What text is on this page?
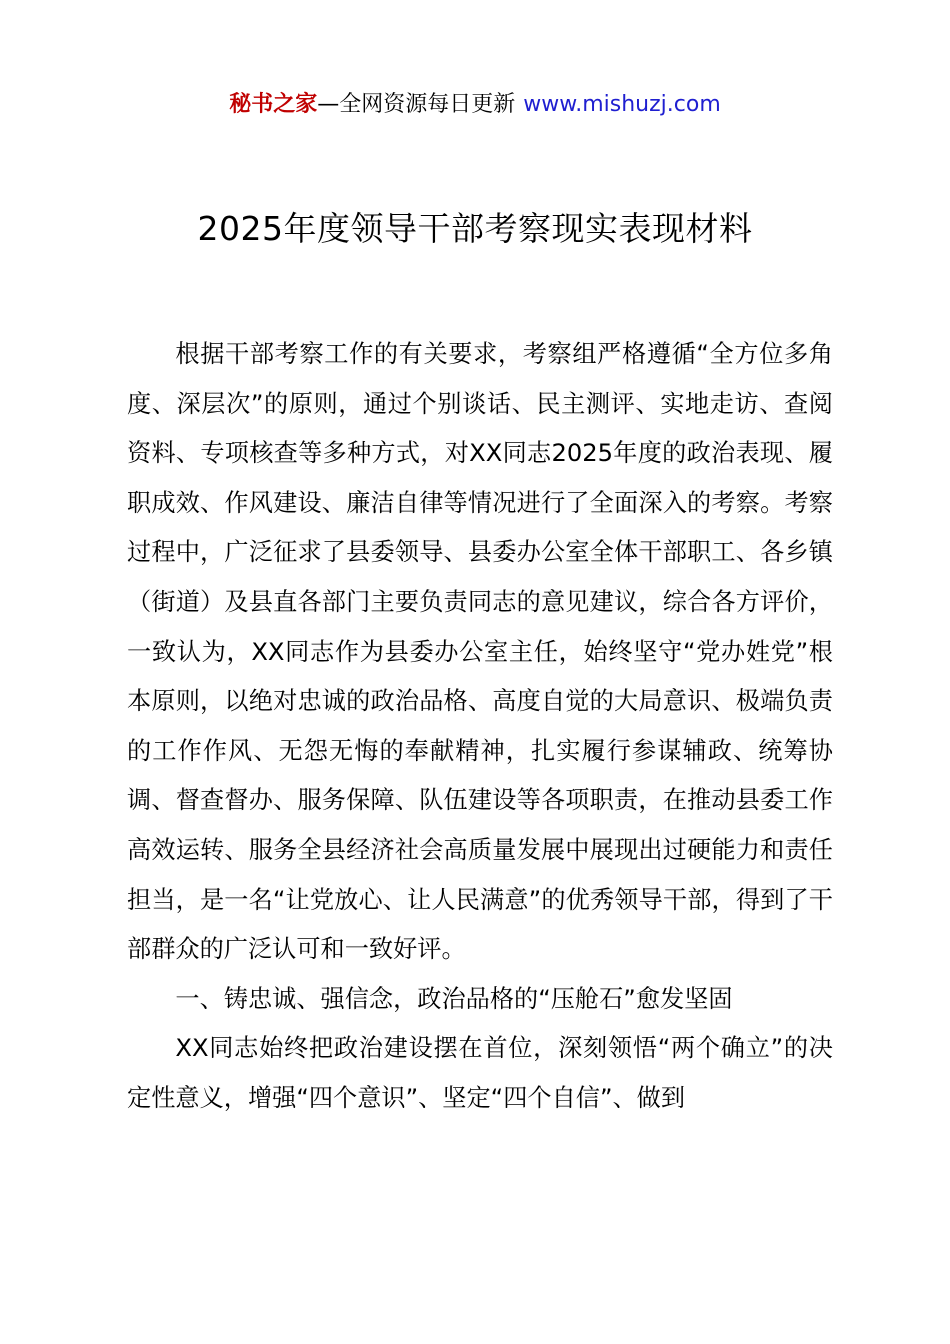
秘书之家—全网资源每日更新 www.mishuzj.com
2025年度领导干部考察现实表现材料

根据干部考察工作的有关要求，考察组严格遵循“全方位多角度、深层次”的原则，通过个别谈话、民主测评、实地走访、查阅资料、专项核查等多种方式，对XX同志2025年度的政治表现、履职成效、作风建设、廉洁自律等情况进行了全面深入的考察。考察过程中，广泛征求了县委领导、县委办公室全体干部职工、各乡镇（街道）及县直各部门主要负责同志的意见建议，综合各方评价，一致认为，XX同志作为县委办公室主任，始终坚守“党办姓党”根本原则，以绝对忠诚的政治品格、高度自觉的大局意识、极端负责的工作作风、无怨无悔的奉献精神，扎实履行参谋辅政、统筹协调、督查督办、服务保障、队伍建设等各项职责，在推动县委工作高效运转、服务全县经济社会高质量发展中展现出过硬能力和责任担当，是一名“让党放心、让人民满意”的优秀领导干部，得到了干部群众的广泛认可和一致好评。

一、铸忠诚、强信念，政治品格的“压舱石”愈发坚固

XX同志始终把政治建设摆在首位，深刻领悟“两个确立”的决定性意义，增强“四个意识”、坚定“四个自信”、做到
